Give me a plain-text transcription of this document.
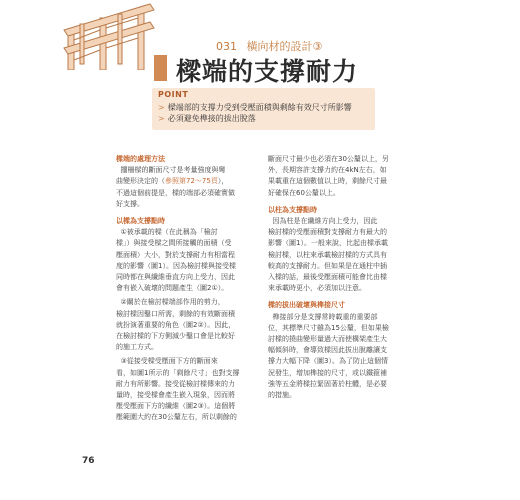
031 橫向材的設計③
樑端的支撐耐力
POINT
> 樑端部的支撐力受到受壓面積與剩餘有效尺寸所影響
> 必須避免榫接的拔出脫落

樑端的處理方法

擱柵樑的斷面尺寸是考量強度與彎

曲變形決定的（參照第72～75頁），

不過這個前提是，樑的端部必須確實做

好支撐。

以樑為支撐點時

①被承載的樑（在此稱為「檢討

樑」）與接受樑之間所接觸的面積（受

壓面積）大小，對於支撐耐力有相當程

度的影響（圖1）。因為檢討樑與接受樑

同時都在與纖維垂直方向上受力，因此

會有嵌入破壞的問題產生（圖2①）。

②關於在檢討樑端部作用的剪力，

檢討樑因鑿口所需，剩餘的有效斷面積

就扮演著重要的角色（圖2②）。因此，

在檢討樑的下方側減少鑿口會是比較好

的施工方式。

③從接受樑受壓面下方的斷面來

看，如圖1所示的「剩餘尺寸」也對支撐

耐力有所影響。接受從檢討樑傳來的力

量時，接受樑會產生嵌入現象，因而將

壓受壓面下方的纖維（圖2③）。這個將

壓範圍大約在30公釐左右，所以剩餘的

斷面尺寸最少也必須在30公釐以上，另

外，長期容許支撐力約在4kN左右，如

果載重在這個數值以上時，剩餘尺寸最

好確保在60公釐以上。

以柱為支撐點時

因為柱是在纖維方向上受力，因此

檢討樑的受壓面積對支撐耐力有最大的

影響（圖1）。一般來說，比起由樑承載

檢討樑，以柱來承載檢討樑的方式具有

較高的支撐耐力。但如果是在通柱中插

入樑的話，最後受壓面積可能會比由樑

來承載時更小，必須加以注意。

樑的拔出破壞與榫接尺寸

榫接部分是支撐常時載重的重要部

位，其標準尺寸雖為15公釐，但如果檢

討樑的撓曲變形量過大而使構架產生大

幅傾斜時，會導致樑因此拔出脫離讓支

撐力大幅下降（圖3）。為了防止這個情

況發生，增加榫接的尺寸，或以鐵箍補

強等五金將樑拉緊固著於柱體，是必要

的措施。

76
